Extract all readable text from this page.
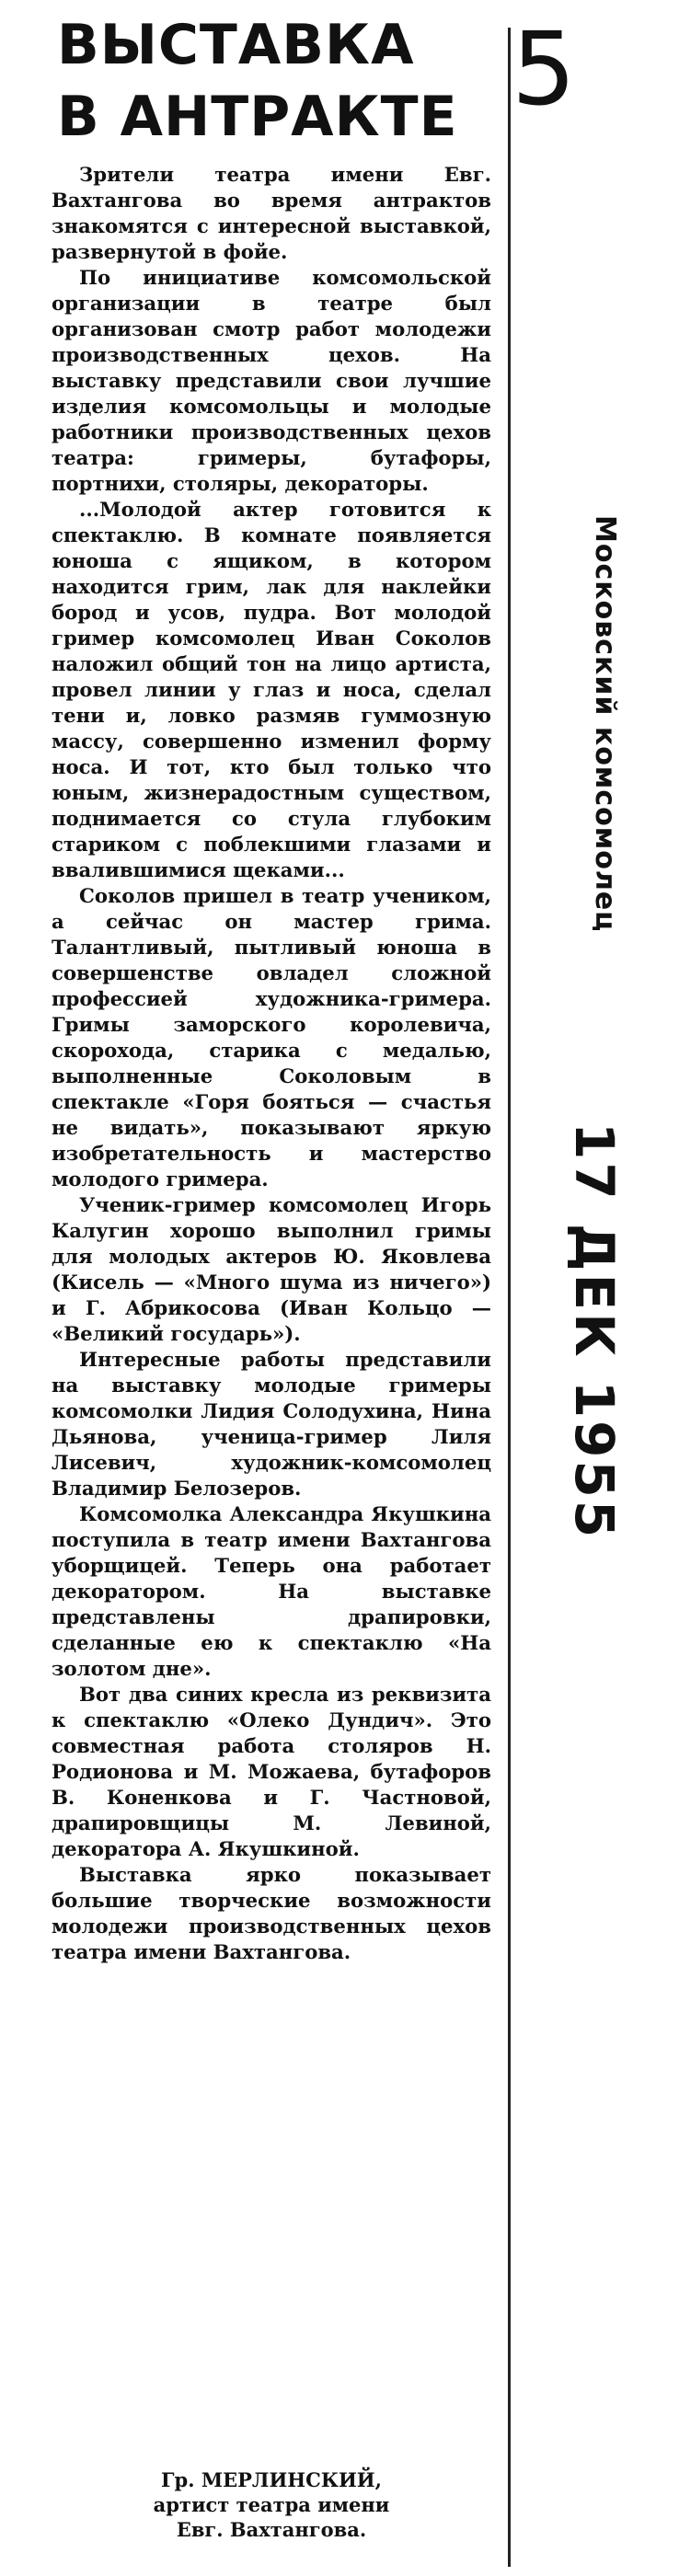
ВЫСТАВКА
В АНТРАКТЕ

Зрители театра имени Евг. Вахтангова во время антрактов знакомятся с интересной выставкой, развернутой в фойе.

По инициативе комсомольской организации в театре был организован смотр работ молодежи производственных цехов. На выставку представили свои лучшие изделия комсомольцы и молодые работники производственных цехов театра: гримеры, бутафоры, портнихи, столяры, декораторы.

...Молодой актер готовится к спектаклю. В комнате появляется юноша с ящиком, в котором находится грим, лак для наклейки бород и усов, пудра. Вот молодой гример комсомолец Иван Соколов наложил общий тон на лицо артиста, провел линии у глаз и носа, сделал тени и, ловко размяв гуммозную массу, совершенно изменил форму носа. И тот, кто был только что юным, жизнерадостным существом, поднимается со стула глубоким стариком с поблекшими глазами и ввалившимися щеками...

Соколов пришел в театр учеником, а сейчас он мастер грима. Талантливый, пытливый юноша в совершенстве овладел сложной профессией художника-гримера. Гримы заморского королевича, скорохода, старика с медалью, выполненные Соколовым в спектакле «Горя бояться — счастья не видать», показывают яркую изобретательность и мастерство молодого гримера.

Ученик-гример комсомолец Игорь Калугин хорошо выполнил гримы для молодых актеров Ю. Яковлева (Кисель — «Много шума из ничего») и Г. Абрикосова (Иван Кольцо — «Великий государь»).

Интересные работы представили на выставку молодые гримеры комсомолки Лидия Солодухина, Нина Дьянова, ученица-гример Лиля Лисевич, художник-комсомолец Владимир Белозеров.

Комсомолка Александра Якушкина поступила в театр имени Вахтангова уборщицей. Теперь она работает декоратором. На выставке представлены драпировки, сделанные ею к спектаклю «На золотом дне».

Вот два синих кресла из реквизита к спектаклю «Олеко Дундич». Это совместная работа столяров Н. Родионова и М. Можаева, бутафоров В. Коненкова и Г. Частновой, драпировщицы М. Левиной, декоратора А. Якушкиной.

Выставка ярко показывает большие творческие возможности молодежи производственных цехов театра имени Вахтангова.

Гр. МЕРЛИНСКИЙ,
артист театра имени
Евг. Вахтангова.
5
Московский комсомолец
17 ДЕК 1955
